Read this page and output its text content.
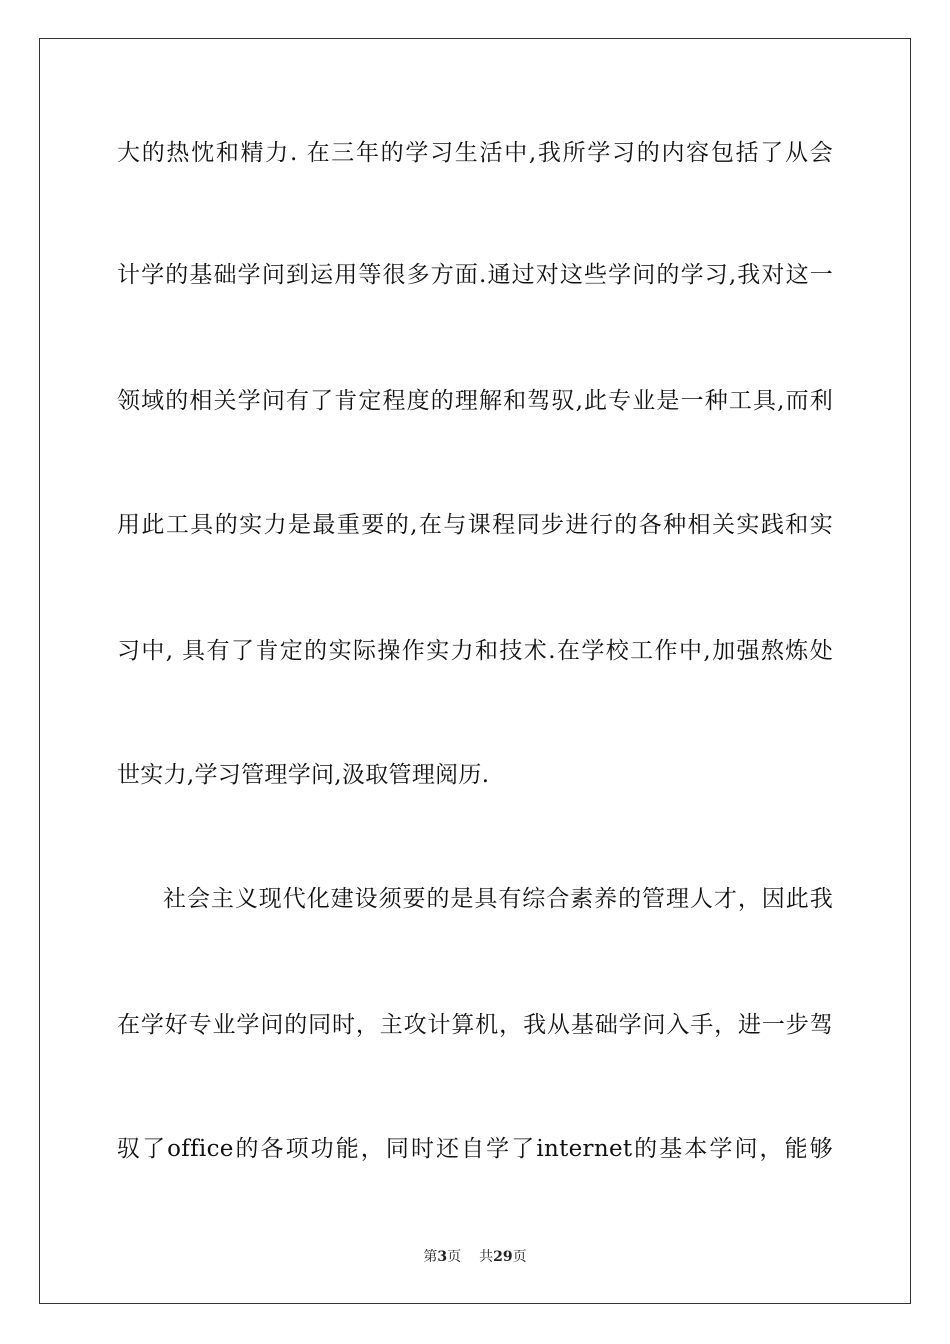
大的热忱和精力. 在三年的学习生活中,我所学习的内容包括了从会
计学的基础学问到运用等很多方面.通过对这些学问的学习,我对这一
领域的相关学问有了肯定程度的理解和驾驭,此专业是一种工具,而利
用此工具的实力是最重要的,在与课程同步进行的各种相关实践和实
习中, 具有了肯定的实际操作实力和技术.在学校工作中,加强熬炼处
世实力,学习管理学问,汲取管理阅历.
社会主义现代化建设须要的是具有综合素养的管理人才，因此我
在学好专业学问的同时，主攻计算机，我从基础学问入手，进一步驾
驭了office的各项功能，同时还自学了internet的基本学问，能够
第3页 共29页
